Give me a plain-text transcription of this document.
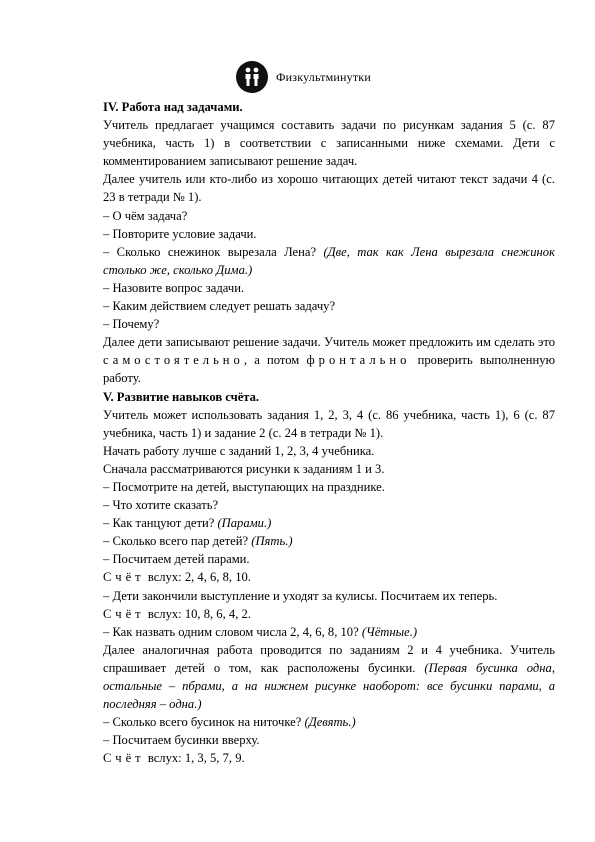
Физкультминутки

IV. Работа над задачами.

Учитель предлагает учащимся составить задачи по рисункам задания 5 (с. 87 учебника, часть 1) в соответствии с записанными ниже схемами. Дети с комментированием записывают решение задач.

Далее учитель или кто-либо из хорошо читающих детей читают текст задачи 4 (с. 23 в тетради № 1).

– О чём задача?

– Повторите условие задачи.

– Сколько снежинок вырезала Лена? (Две, так как Лена вырезала снежинок столько же, сколько Дима.)

– Назовите вопрос задачи.

– Каким действием следует решать задачу?

– Почему?

Далее дети записывают решение задачи. Учитель может предложить им сделать это самостоятельно, а потом фронтально проверить выполненную работу.

V. Развитие навыков счёта.

Учитель может использовать задания 1, 2, 3, 4 (с. 86 учебника, часть 1), 6 (с. 87 учебника, часть 1) и задание 2 (с. 24 в тетради № 1).

Начать работу лучше с заданий 1, 2, 3, 4 учебника.

Сначала рассматриваются рисунки к заданиям 1 и 3.

– Посмотрите на детей, выступающих на празднике.

– Что хотите сказать?

– Как танцуют дети? (Парами.)

– Сколько всего пар детей? (Пять.)

– Посчитаем детей парами.

Счёт вслух: 2, 4, 6, 8, 10.

– Дети закончили выступление и уходят за кулисы. Посчитаем их теперь.

Счёт вслух: 10, 8, 6, 4, 2.

– Как назвать одним словом числа 2, 4, 6, 8, 10? (Чётные.)

Далее аналогичная работа проводится по заданиям 2 и 4 учебника. Учитель спрашивает детей о том, как расположены бусинки. (Первая бусинка одна, остальные – пбрами, а на нижнем рисунке наоборот: все бусинки парами, а последняя – одна.)

– Сколько всего бусинок на ниточке? (Девять.)

– Посчитаем бусинки вверху.

Счёт вслух: 1, 3, 5, 7, 9.
